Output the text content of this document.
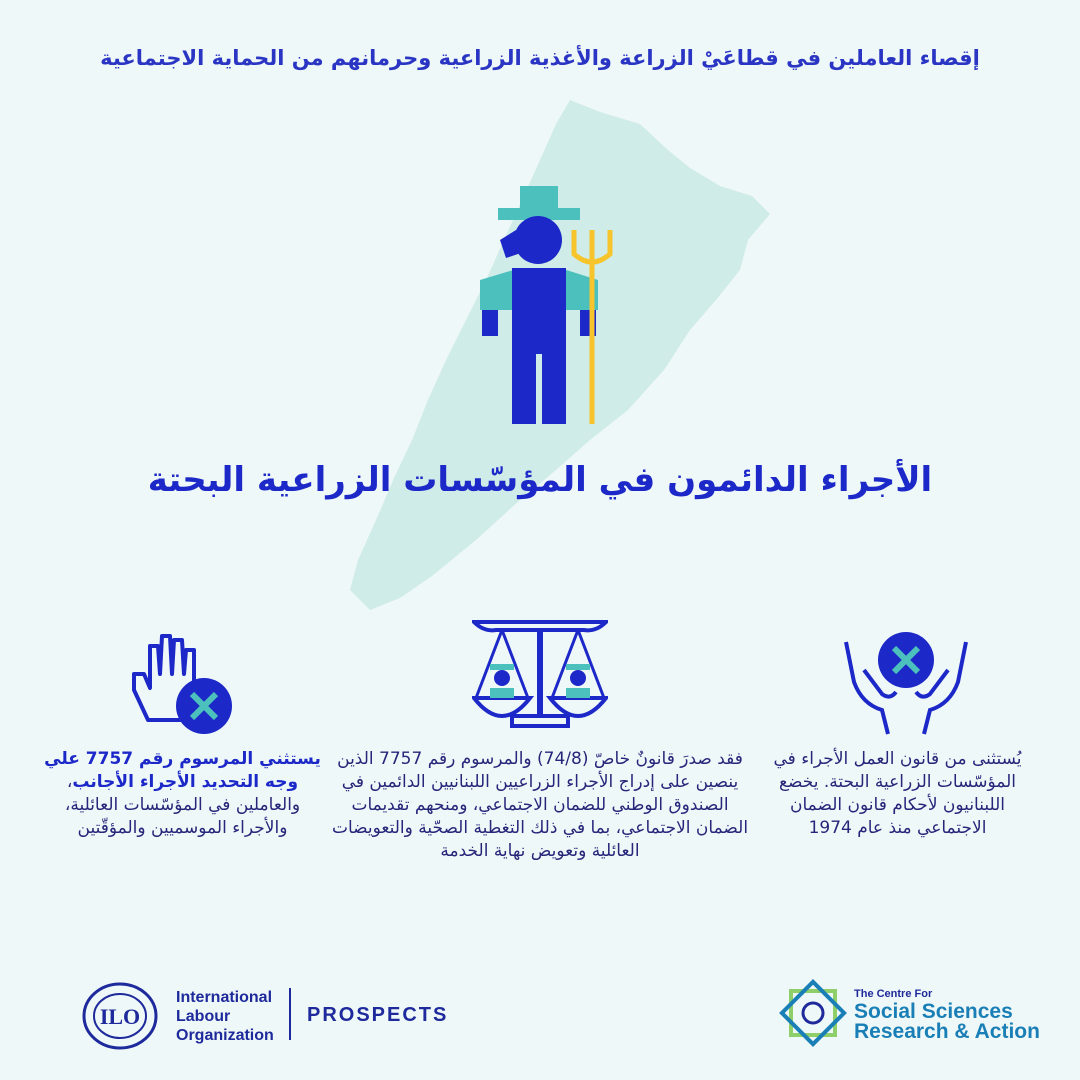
إقصاء العاملين في قطاعَيْ الزراعة والأغذية الزراعية وحرمانهم من الحماية الاجتماعية
الأجراء الدائمون في المؤسّسات الزراعية البحتة
يستثني المرسوم رقم 7757 علي وجه التحديد الأجراء الأجانب، والعاملين في المؤسّسات العائلية، والأجراء الموسميين والمؤقّتين
فقد صدرَ قانونٌ خاصّ (74/8) والمرسوم رقم 7757 الذين ينصين على إدراج الأجراء الزراعيين اللبنانيين الدائمين في الصندوق الوطني للضمان الاجتماعي، ومنحهم تقديمات الضمان الاجتماعي، بما في ذلك التغطية الصحّية والتعويضات العائلية وتعويض نهاية الخدمة
يُستثنى من قانون العمل الأجراء في المؤسّسات الزراعية البحتة. يخضع اللبنانيون لأحكام قانون الضمان الاجتماعي منذ عام 1974
ILO
International
Labour
Organization
PROSPECTS
The Centre For
Social Sciences
Research & Action
